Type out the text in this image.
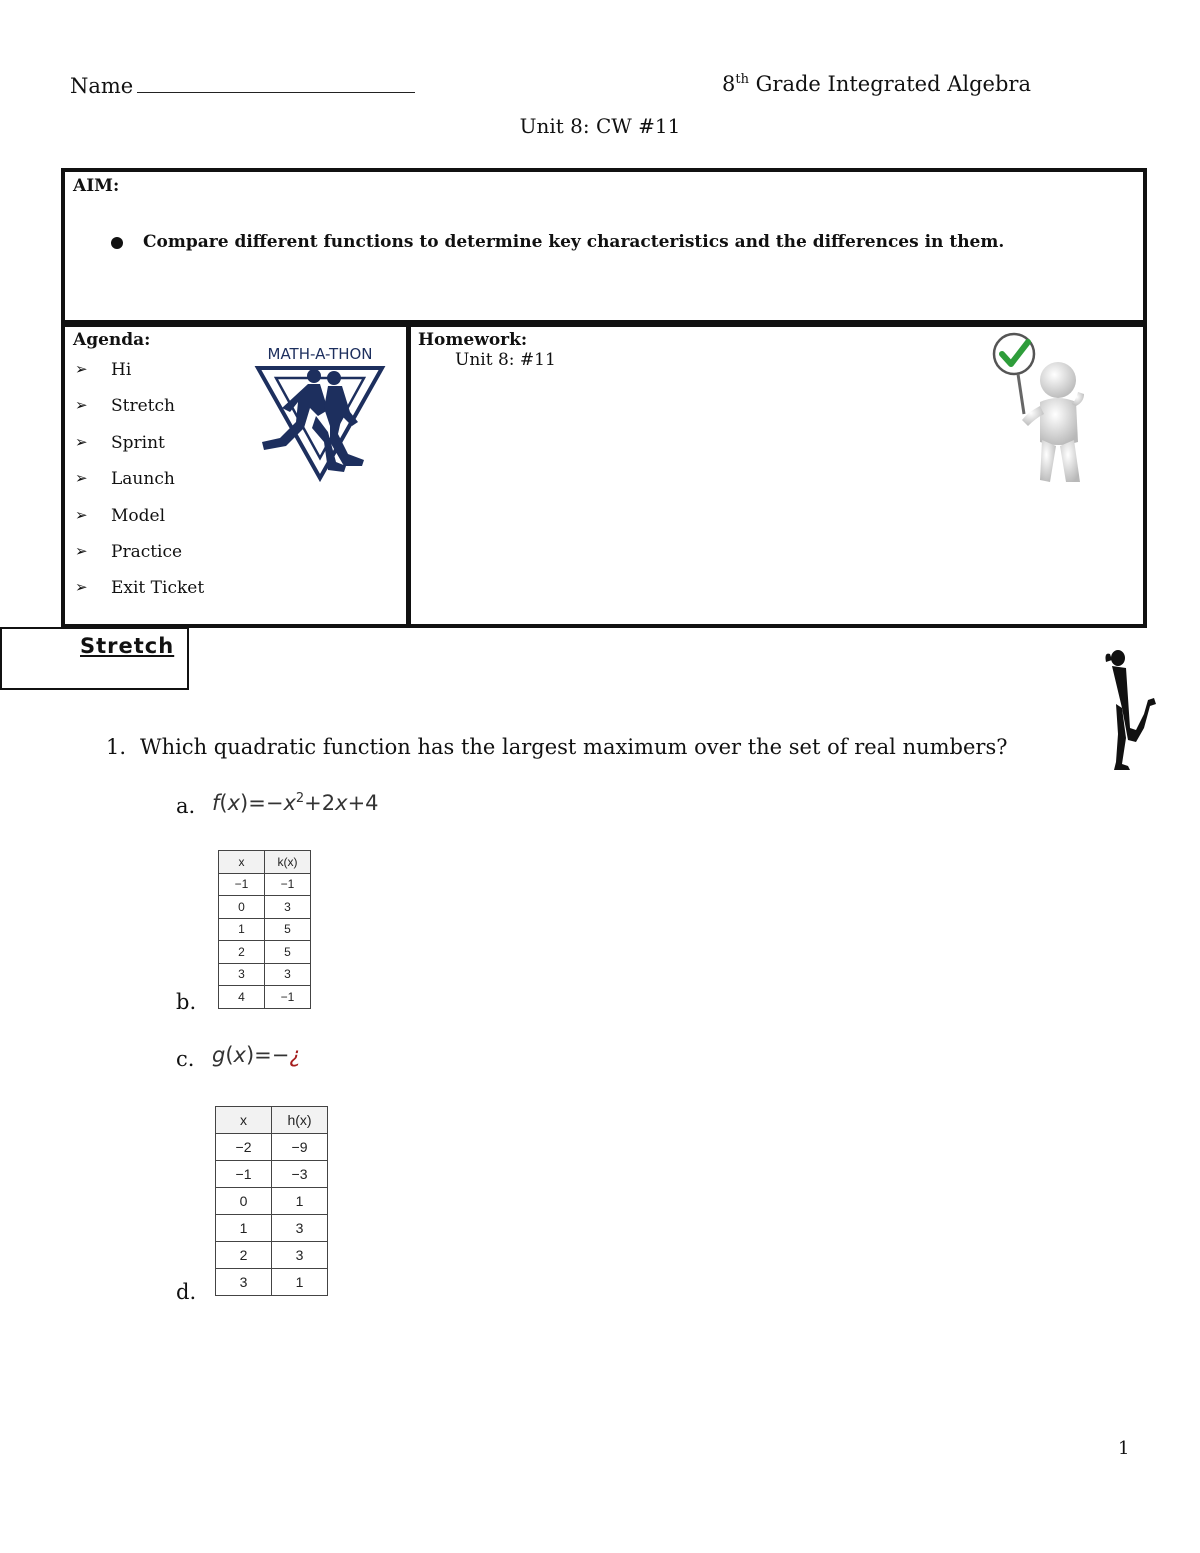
Name	8th Grade Integrated Algebra
Unit 8: CW #11
AIM:
Compare different functions to determine key characteristics and the differences in them.
Agenda:
➢	Hi
➢	Stretch
➢	Sprint
➢	Launch
➢	Model
➢	Practice
➢	Exit Ticket
MATH-A-THON
Homework:
Unit 8: #11
Stretch
1. Which quadratic function has the largest maximum over the set of real numbers?
a. $f(x)=-x^2+2x+4$
x	k(x)
−1	−1
0	3
1	5
2	5
3	3
4	−1
b.
c. g(x)=−¿
x	h(x)
−2	−9
−1	−3
0	1
1	3
2	3
3	1
d.
1
